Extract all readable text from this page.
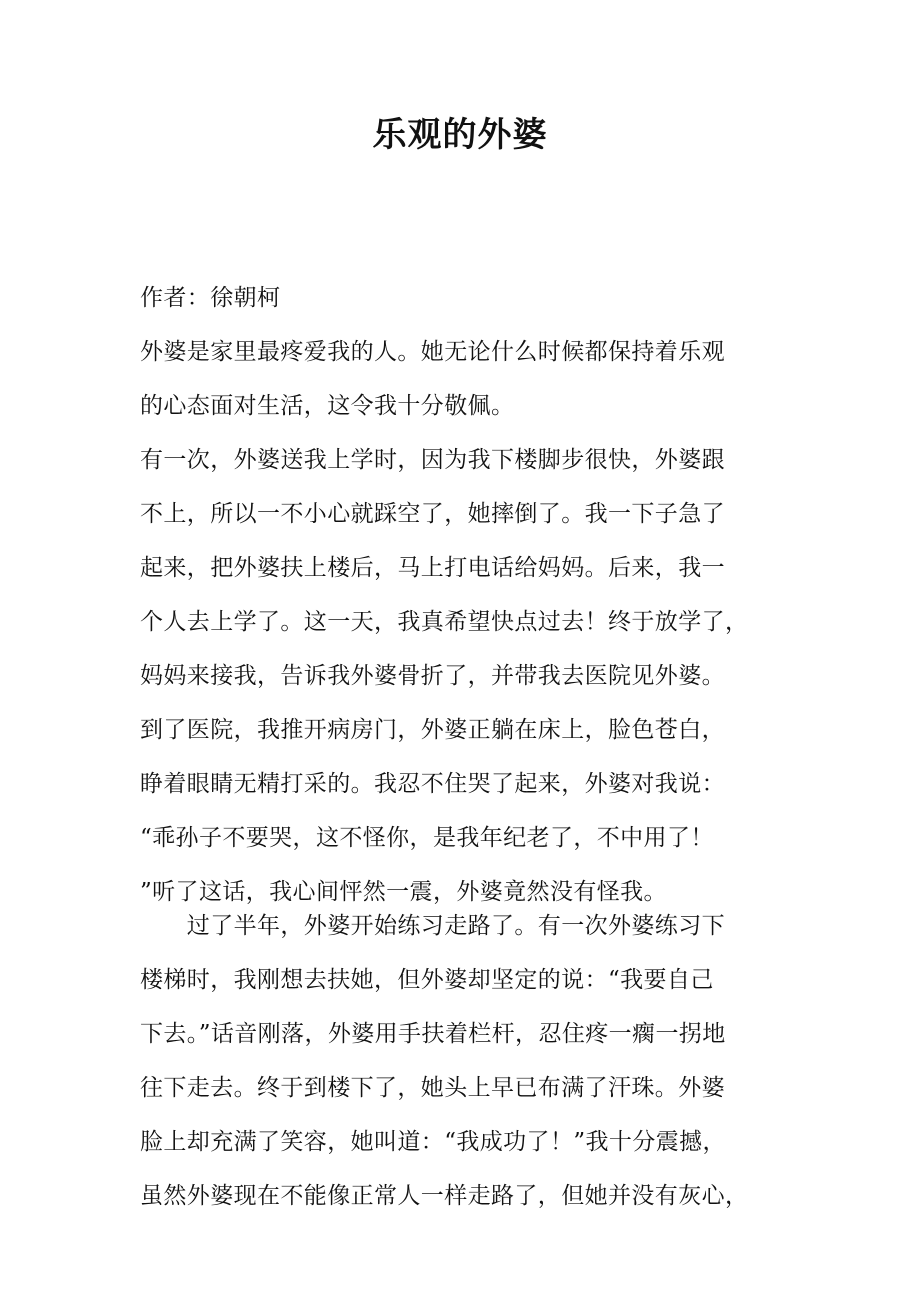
乐观的外婆
作者：徐朝柯
外婆是家里最疼爱我的人。她无论什么时候都保持着乐观
的心态面对生活，这令我十分敬佩。
有一次，外婆送我上学时，因为我下楼脚步很快，外婆跟
不上，所以一不小心就踩空了，她摔倒了。我一下子急了
起来，把外婆扶上楼后，马上打电话给妈妈。后来，我一
个人去上学了。这一天，我真希望快点过去！终于放学了，
妈妈来接我，告诉我外婆骨折了，并带我去医院见外婆。
到了医院，我推开病房门，外婆正躺在床上，脸色苍白，
睁着眼睛无精打采的。我忍不住哭了起来，外婆对我说：
“乖孙子不要哭，这不怪你，是我年纪老了，不中用了！
”听了这话，我心间怦然一震，外婆竟然没有怪我。
　　过了半年，外婆开始练习走路了。有一次外婆练习下
楼梯时，我刚想去扶她，但外婆却坚定的说：“我要自己
下去。”话音刚落，外婆用手扶着栏杆，忍住疼一瘸一拐地
往下走去。终于到楼下了，她头上早已布满了汗珠。外婆
脸上却充满了笑容，她叫道：“我成功了！”我十分震撼，
虽然外婆现在不能像正常人一样走路了，但她并没有灰心，
